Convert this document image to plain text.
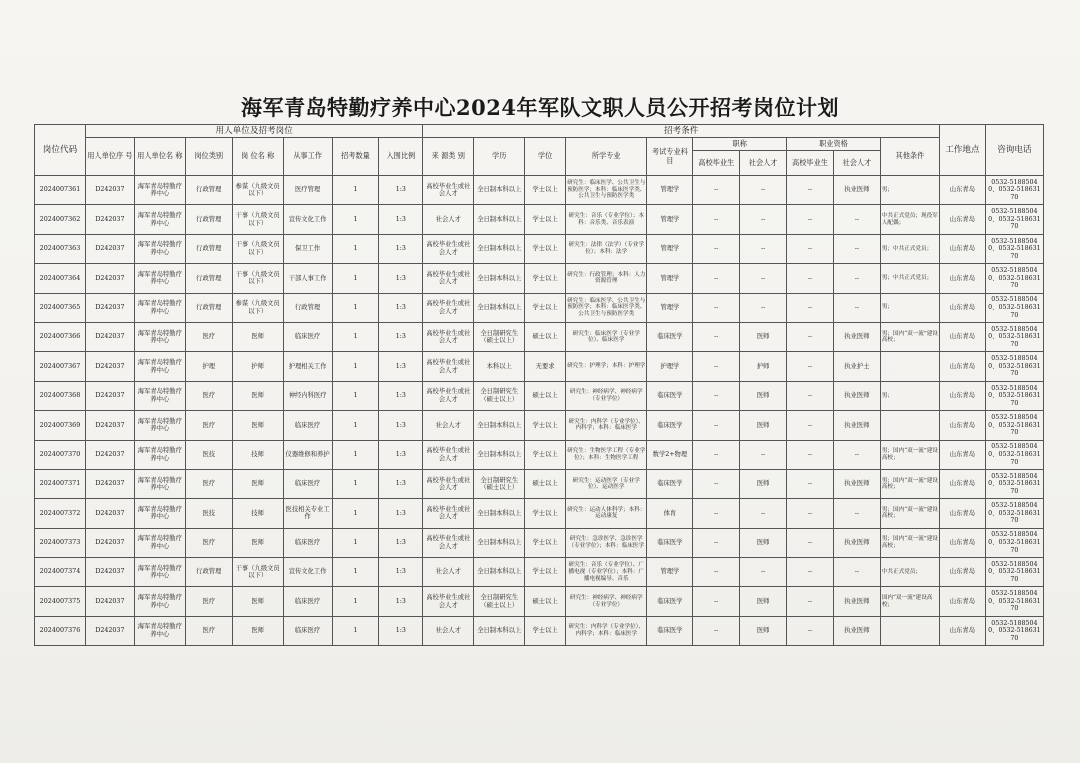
海军青岛特勤疗养中心2024年军队文职人员公开招考岗位计划
岗位代码	用人单位及招考岗位							招考条件										工作地点	咨询电话
	用人单位序 号	用人单位名 称	岗位类别	岗 位名 称	从事工作	招考数量	入围比例	来 源类 别	学历	学位	所学专业	考试专业科 目	职称		职业资格		其他条件		
													高校毕业生	社会人才	高校毕业生	社会人才			
2024007361	D242037	海军青岛特勤疗养中心	行政管理	参谋（九级文员以下）	医疗管理	1	1:3	高校毕业生或社会人才	全日制本科以上	学士以上	研究生：临床医学、公共卫生与预防医学；本科：临床医学类、公共卫生与预防医学类	管理学	--	--	--	执业医师	男；	山东青岛	0532-51885040、0532-51863170
2024007362	D242037	海军青岛特勤疗养中心	行政管理	干事（九级文员以下）	宣传文化工作	1	1:3	社会人才	全日制本科以上	学士以上	研究生：音乐（专业学位）；本科：音乐类、音乐表演	管理学	--	--	--	--	中共正式党员；现役军人配偶；	山东青岛	0532-51885040、0532-51863170
2024007363	D242037	海军青岛特勤疗养中心	行政管理	干事（九级文员以下）	保卫工作	1	1:3	高校毕业生或社会人才	全日制本科以上	学士以上	研究生：法律（法学）（专业学位）；本科：法学	管理学	--	--	--	--	男；中共正式党员；	山东青岛	0532-51885040、0532-51863170
2024007364	D242037	海军青岛特勤疗养中心	行政管理	干事（九级文员以下）	干部人事工作	1	1:3	高校毕业生或社会人才	全日制本科以上	学士以上	研究生：行政管理；本科：人力资源管理	管理学	--	--	--	--	男；中共正式党员；	山东青岛	0532-51885040、0532-51863170
2024007365	D242037	海军青岛特勤疗养中心	行政管理	参谋（九级文员以下）	行政管理	1	1:3	高校毕业生或社会人才	全日制本科以上	学士以上	研究生：临床医学、公共卫生与预防医学；本科：临床医学类、公共卫生与预防医学类	管理学	--	--	--	--	男；	山东青岛	0532-51885040、0532-51863170
2024007366	D242037	海军青岛特勤疗养中心	医疗	医师	临床医疗	1	1:3	高校毕业生或社会人才	全日制研究生（硕士以上）	硕士以上	研究生：临床医学（专业学位）、临床医学	临床医学	--	医师	--	执业医师	男；国内“双一流”建设高校；	山东青岛	0532-51885040、0532-51863170
2024007367	D242037	海军青岛特勤疗养中心	护理	护师	护理相关工作	1	1:3	高校毕业生或社会人才	本科以上	无要求	研究生：护理学；本科：护理学	护理学	--	护师	--	执业护士		山东青岛	0532-51885040、0532-51863170
2024007368	D242037	海军青岛特勤疗养中心	医疗	医师	神经内科医疗	1	1:3	高校毕业生或社会人才	全日制研究生（硕士以上）	硕士以上	研究生：神经病学、神经病学（专业学位）	临床医学	--	医师	--	执业医师	男；	山东青岛	0532-51885040、0532-51863170
2024007369	D242037	海军青岛特勤疗养中心	医疗	医师	临床医疗	1	1:3	社会人才	全日制本科以上	学士以上	研究生：内科学（专业学位）、内科学；本科：临床医学	临床医学	--	医师	--	执业医师		山东青岛	0532-51885040、0532-51863170
2024007370	D242037	海军青岛特勤疗养中心	医技	技师	仪器维修和养护	1	1:3	高校毕业生或社会人才	全日制本科以上	学士以上	研究生：生物医学工程（专业学位）；本科：生物医学工程	数学2+物理	--	--	--	--	男；国内“双一流”建设高校；	山东青岛	0532-51885040、0532-51863170
2024007371	D242037	海军青岛特勤疗养中心	医疗	医师	临床医疗	1	1:3	高校毕业生或社会人才	全日制研究生（硕士以上）	硕士以上	研究生：运动医学（专业学位）、运动医学	临床医学	--	医师	--	执业医师	男；国内“双一流”建设高校；	山东青岛	0532-51885040、0532-51863170
2024007372	D242037	海军青岛特勤疗养中心	医技	技师	医技相关专业工作	1	1:3	高校毕业生或社会人才	全日制本科以上	学士以上	研究生：运动人体科学；本科：运动康复	体育	--	--	--	--	男；国内“双一流”建设高校；	山东青岛	0532-51885040、0532-51863170
2024007373	D242037	海军青岛特勤疗养中心	医疗	医师	临床医疗	1	1:3	高校毕业生或社会人才	全日制本科以上	学士以上	研究生：急诊医学、急诊医学（专业学位）；本科：临床医学	临床医学	--	医师	--	执业医师	男；国内“双一流”建设高校；	山东青岛	0532-51885040、0532-51863170
2024007374	D242037	海军青岛特勤疗养中心	行政管理	干事（九级文员以下）	宣传文化工作	1	1:3	社会人才	全日制本科以上	学士以上	研究生：音乐（专业学位）、广播电视（专业学位）；本科：广播电视编导、音乐	管理学	--	--	--	--	中共正式党员；	山东青岛	0532-51885040、0532-51863170
2024007375	D242037	海军青岛特勤疗养中心	医疗	医师	临床医疗	1	1:3	高校毕业生或社会人才	全日制研究生（硕士以上）	硕士以上	研究生：神经病学、神经病学（专业学位）	临床医学	--	医师	--	执业医师	国内“双一流”建设高校；	山东青岛	0532-51885040、0532-51863170
2024007376	D242037	海军青岛特勤疗养中心	医疗	医师	临床医疗	1	1:3	社会人才	全日制本科以上	学士以上	研究生：内科学（专业学位）、内科学；本科：临床医学	临床医学	--	医师	--	执业医师		山东青岛	0532-51885040、0532-51863170
